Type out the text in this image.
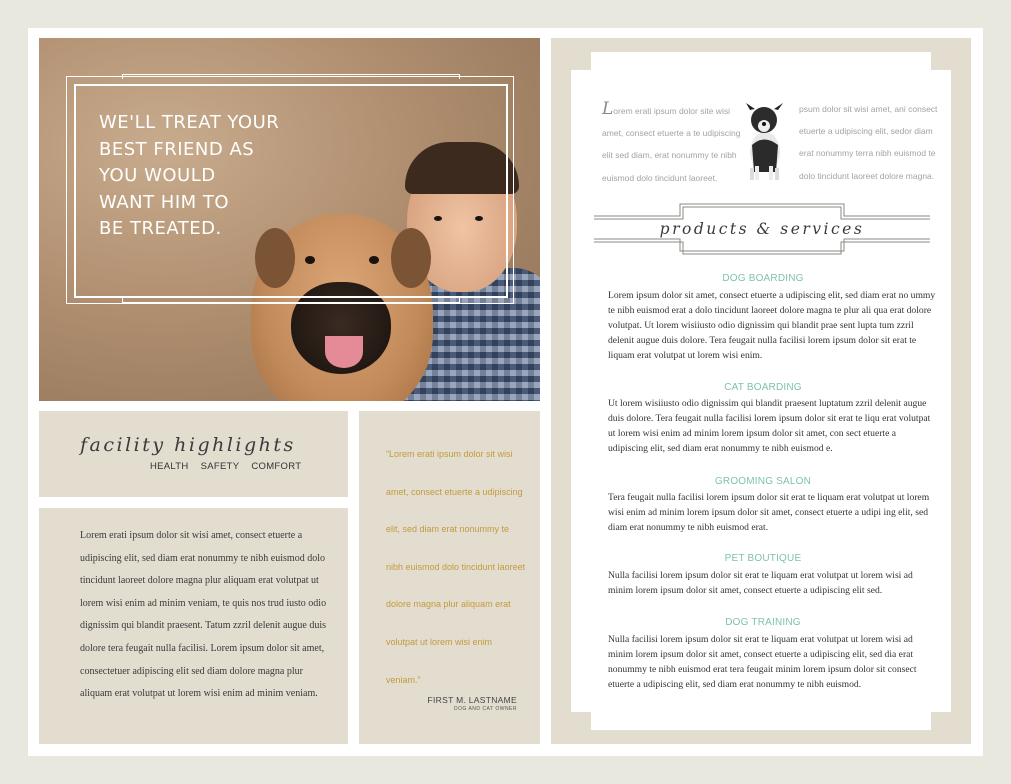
WE'LL TREAT YOUR
BEST FRIEND AS
YOU WOULD
WANT HIM TO
BE TREATED.
facility highlights
HEALTH SAFETY COMFORT
Lorem erati ipsum dolor sit wisi amet, consect etuerte a udipiscing elit, sed diam erat nonummy te nibh euismod dolo tincidunt laoreet dolore magna plur aliquam erat volutpat ut lorem wisi enim ad minim veniam, te quis nos trud iusto odio dignissim qui blandit praesent. Tatum zzril delenit augue duis dolore tera feugait nulla facilisi. Lorem ipsum dolor sit amet, consectetuer adipiscing elit sed diam dolore magna plur aliquam erat volutpat ut lorem wisi enim ad minim veniam.
“Lorem erati ipsum dolor sit wisi amet, consect etuerte a udipiscing elit, sed diam erat nonummy te nibh euismod dolo tincidunt laoreet dolore magna plur aliquam erat volutpat ut lorem wisi enim veniam.”
FIRST M. LASTNAME
DOG AND CAT OWNER
Lorem erati ipsum dolor site wisi amet, consect etuerte a te udipiscing elit sed diam, erat nonummy te nibh euismod dolo tincidunt laoreet.
psum dolor sit wisi amet, ani consect etuerte a udipiscing elit, sedor diam erat nonummy terra nibh euismod te dolo tincidunt laoreet dolore magna.
products & services
DOG BOARDING
Lorem ipsum dolor sit amet, consect etuerte a udipiscing elit, sed diam erat no ummy te nibh euismod erat a dolo tincidunt laoreet dolore magna te plur ali qua erat dolore volutpat. Ut lorem wisiiusto odio dignissim qui blandit prae sent lupta tum zzril delenit augue duis dolore. Tera feugait nulla facilisi lorem ipsum dolor sit erat te liquam erat volutpat ut lorem wisi enim.
CAT BOARDING
Ut lorem wisiiusto odio dignissim qui blandit praesent luptatum zzril delenit augue duis dolore. Tera feugait nulla facilisi lorem ipsum dolor sit erat te liqu erat volutpat ut lorem wisi enim ad minim lorem ipsum dolor sit amet, con sect etuerte a udipiscing elit, sed diam erat nonummy te nibh euismod e.
GROOMING SALON
Tera feugait nulla facilisi lorem ipsum dolor sit erat te liquam erat volutpat ut lorem wisi enim ad minim lorem ipsum dolor sit amet, consect etuerte a udipi ing elit, sed diam erat nonummy te nibh euismod erat.
PET BOUTIQUE
Nulla facilisi lorem ipsum dolor sit erat te liquam erat volutpat ut lorem wisi ad minim lorem ipsum dolor sit amet, consect etuerte a udipiscing elit sed.
DOG TRAINING
Nulla facilisi lorem ipsum dolor sit erat te liquam erat volutpat ut lorem wisi ad minim lorem ipsum dolor sit amet, consect etuerte a udipiscing elit, sed dia erat nonummy te nibh euismod erat tera feugait minim lorem ipsum dolor sit consect etuerte a udipiscing elit, sed diam erat nonummy te nibh euismod.
